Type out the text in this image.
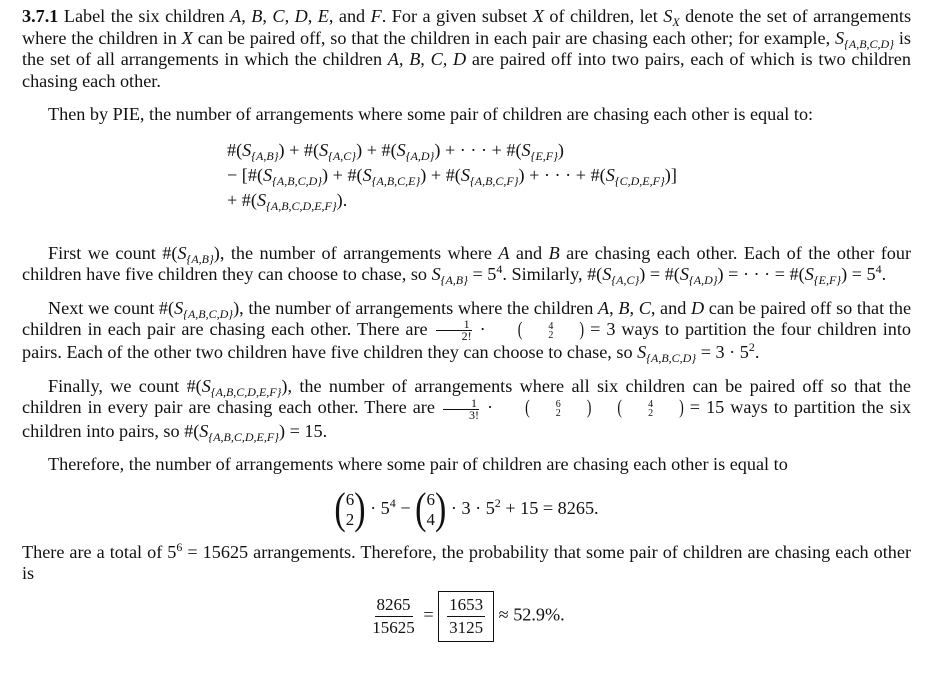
3.7.1 Label the six children A, B, C, D, E, and F. For a given subset X of children, let $S_X$ denote the set of arrangements where the children in X can be paired off, so that the children in each pair are chasing each other; for example, $S_{\{A,B,C,D\}}$ is the set of all arrangements in which the children A, B, C, D are paired off into two pairs, each of which is two children chasing each other.

Then by PIE, the number of arrangements where some pair of children are chasing each other is equal to:

$\#(S_{\{A,B\}})$ + $\#(S_{\{A,C\}})$ + $\#(S_{\{A,D\}})$ + · · · + $\#(S_{\{E,F\}})$
− [$\#(S_{\{A,B,C,D\}})$ + $\#(S_{\{A,B,C,E\}})$ + $\#(S_{\{A,B,C,F\}})$ + · · · + $\#(S_{\{C,D,E,F\}})$]
+ $\#(S_{\{A,B,C,D,E,F\}})$.

First we count $\#(S_{\{A,B\}})$, the number of arrangements where A and B are chasing each other. Each of the other four children have five children they can choose to chase, so $S_{\{A,B\}} = 5^4$. Similarly, $\#(S_{\{A,C\}})$ = $\#(S_{\{A,D\}})$ = · · · = $\#(S_{\{E,F\}}) = 5^4$.

Next we count $\#(S_{\{A,B,C,D\}})$, the number of arrangements where the children A, B, C, and D can be paired off so that the children in each pair are chasing each other. There are $\frac{1}{2!}$ ·	(	4
2	) = 3 ways to partition the four children into pairs. Each of the other two children have five children they can choose to chase, so $S_{\{A,B,C,D\}} = 3 \cdot 5^2$.

Finally, we count $\#(S_{\{A,B,C,D,E,F\}})$, the number of arrangements where all six children can be paired off so that the children in every pair are chasing each other. There are $\frac{1}{3!}$ ·	(	6
2	)	(	4
2	) = 15 ways to partition the six children into pairs, so $\#(S_{\{A,B,C,D,E,F\}}) = 15$.

Therefore, the number of arrangements where some pair of children are chasing each other is equal to

( 6
2 ) · $5^4$ − ( 6
4 ) · $3 \cdot 5^2 + 15 = 8265$.

There are a total of $5^6 = 15625$ arrangements. Therefore, the probability that some pair of children are chasing each other is

$\frac{8265}{15625} = \frac{1653}{3125} \approx 52.9\%$.
